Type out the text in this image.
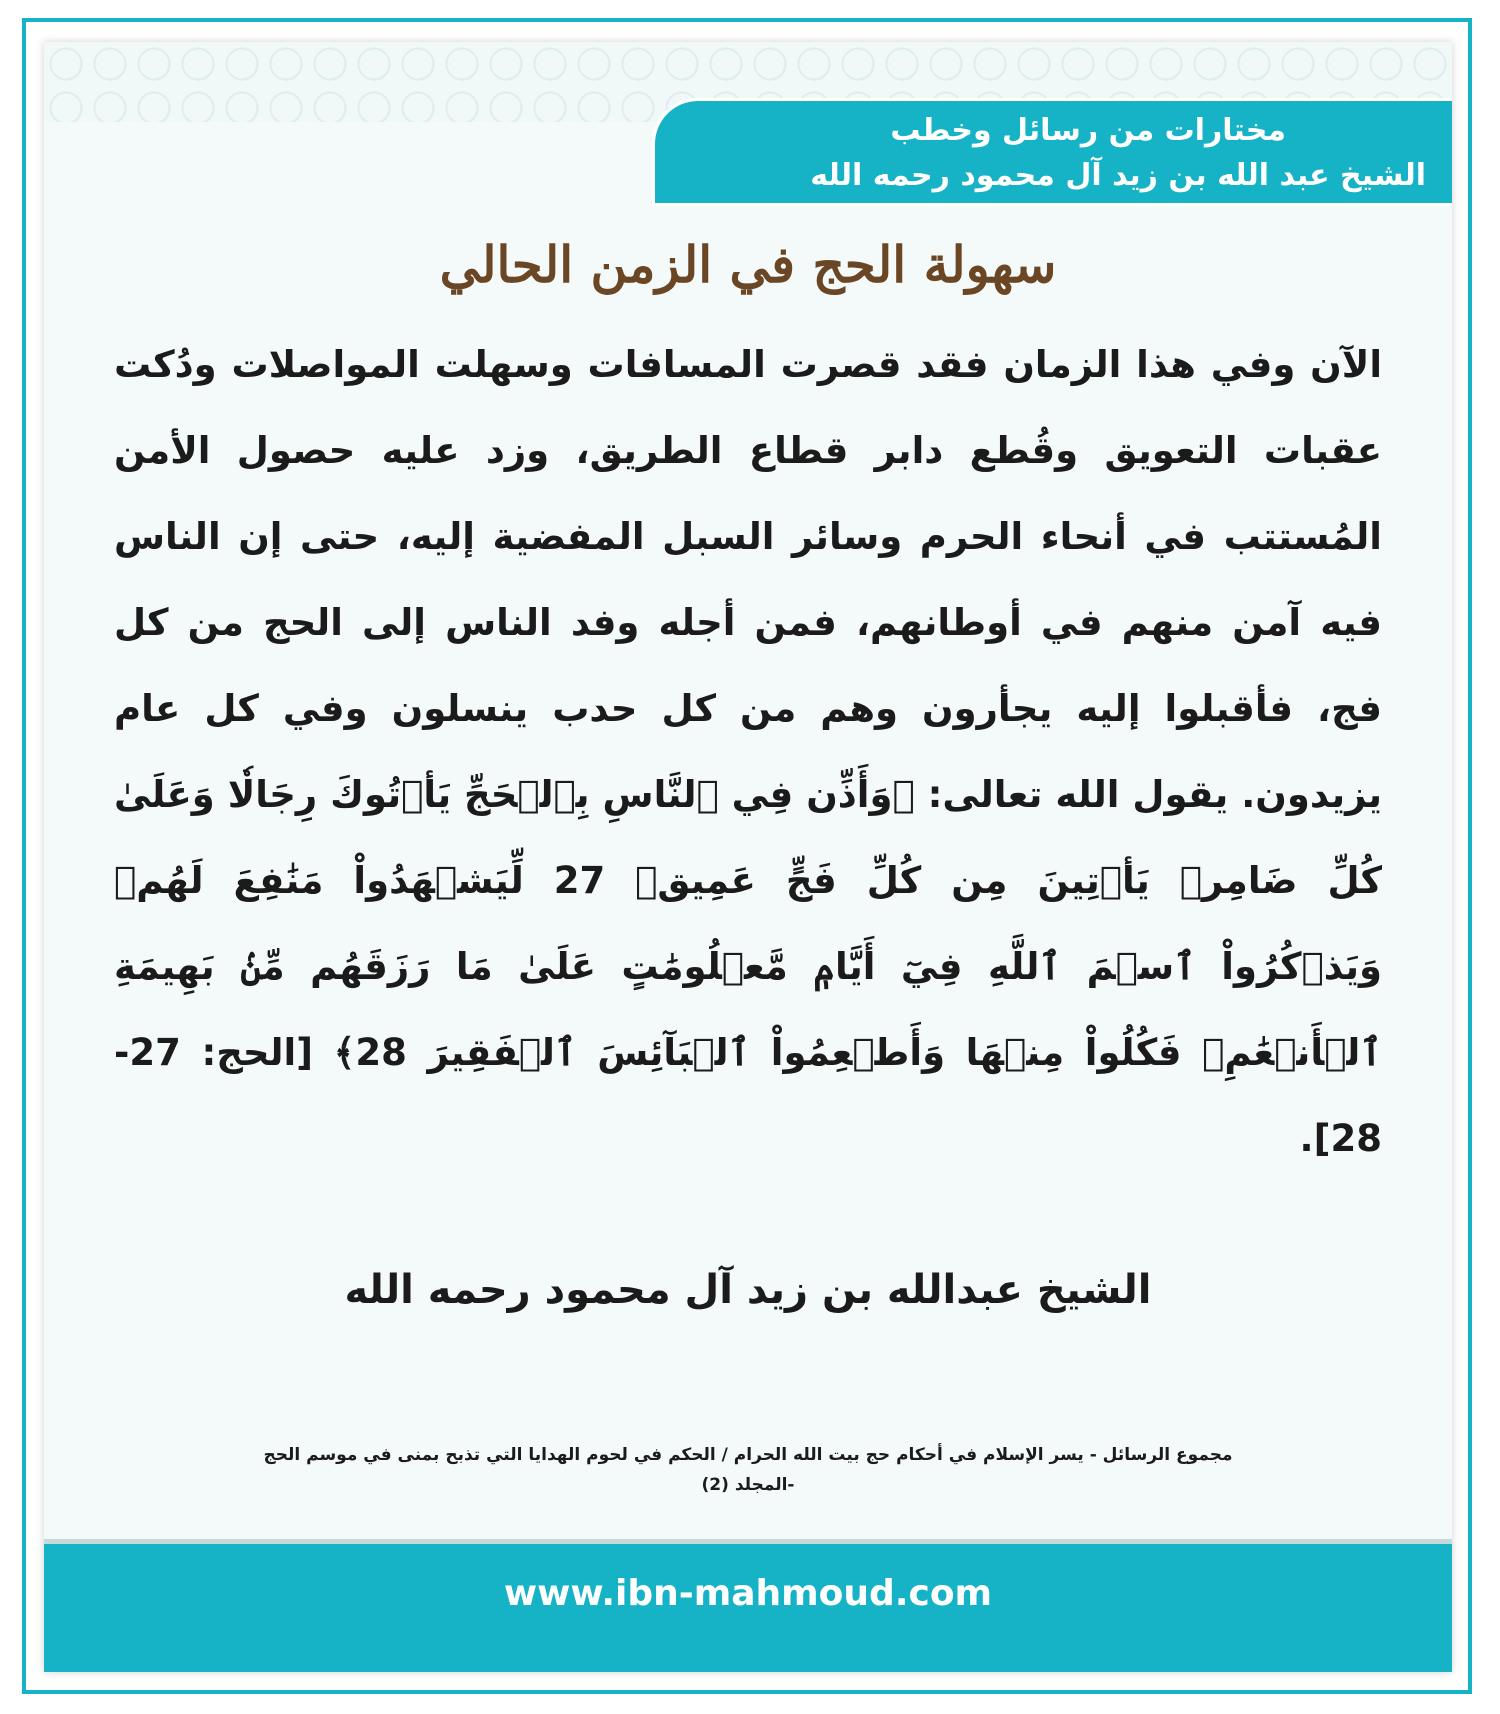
مختارات من رسائل وخطب
الشيخ عبد الله بن زيد آل محمود رحمه الله
سهولة الحج في الزمن الحالي
الآن وفي هذا الزمان فقد قصرت المسافات وسهلت المواصلات ودُكت عقبات التعويق وقُطع دابر قطاع الطريق، وزد عليه حصول الأمن المُستتب في أنحاء الحرم وسائر السبل المفضية إليه، حتى إن الناس فيه آمن منهم في أوطانهم، فمن أجله وفد الناس إلى الحج من كل فج، فأقبلوا إليه يجأرون وهم من كل حدب ينسلون وفي كل عام يزيدون. يقول الله تعالى: ﴿وَأَذِّن فِي ٱلنَّاسِ بِٱلۡحَجِّ يَأۡتُوكَ رِجَالٗا وَعَلَىٰ كُلِّ ضَامِرٖ يَأۡتِينَ مِن كُلِّ فَجٍّ عَمِيقٖ 27 لِّيَشۡهَدُواْ مَنَٰفِعَ لَهُمۡ وَيَذۡكُرُواْ ٱسۡمَ ٱللَّهِ فِيٓ أَيَّامٖ مَّعۡلُومَٰتٍ عَلَىٰ مَا رَزَقَهُم مِّنۢ بَهِيمَةِ ٱلۡأَنۡعَٰمِۖ فَكُلُواْ مِنۡهَا وَأَطۡعِمُواْ ٱلۡبَآئِسَ ٱلۡفَقِيرَ 28﴾ [الحج: 27-28].
الشيخ عبدالله بن زيد آل محمود رحمه الله
مجموع الرسائل - يسر الإسلام في أحكام حج بيت الله الحرام / الحكم في لحوم الهدايا التي تذبح بمنى في موسم الحج
-المجلد (2)
www.ibn-mahmoud.com
